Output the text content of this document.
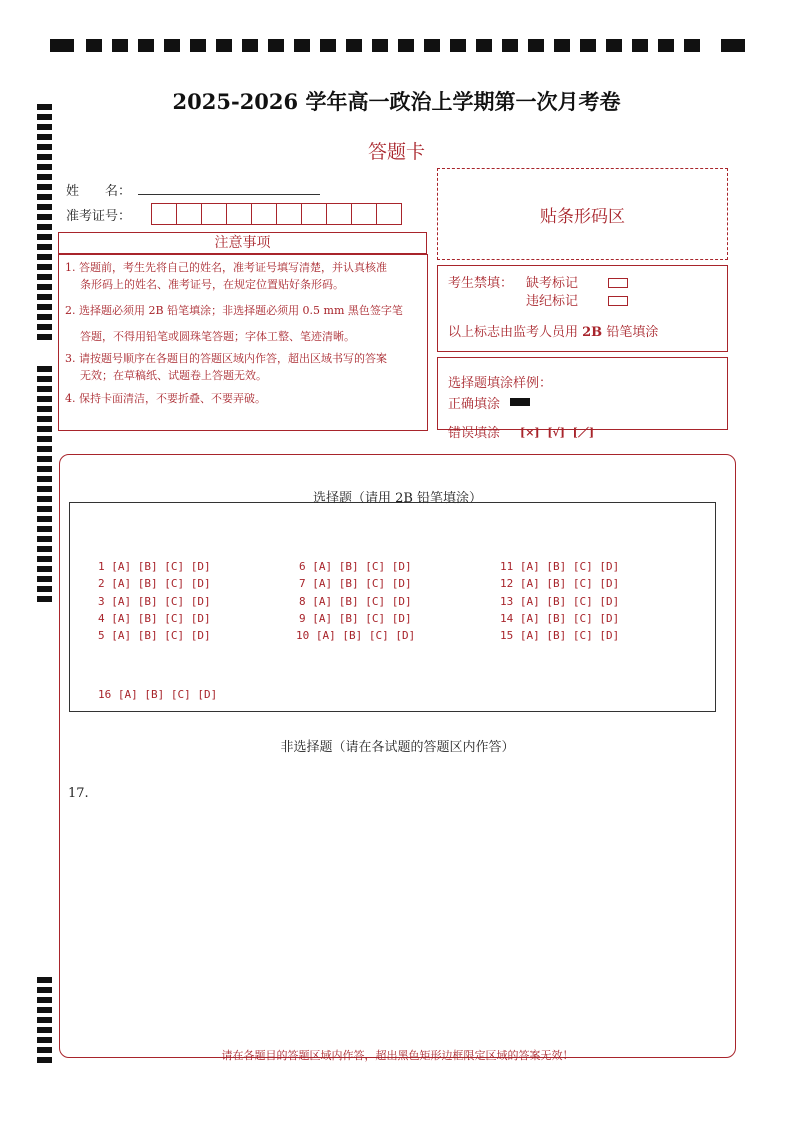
2025-2026 学年高一政治上学期第一次月考卷
答题卡
姓　　名：
准考证号：	贴条形码区
注意事项
1. 答题前，考生先将自己的姓名，准考证号填写清楚，并认真核准
条形码上的姓名、准考证号，在规定位置贴好条形码。
2. 选择题必须用 2B 铅笔填涂；非选择题必须用 0.5 mm 黑色签字笔
答题，不得用铅笔或圆珠笔答题；字体工整、笔迹清晰。
3. 请按题号顺序在各题目的答题区域内作答，超出区域书写的答案
无效；在草稿纸、试题卷上答题无效。
4. 保持卡面清洁，不要折叠、不要弄破。
考生禁填： 缺考标记
违纪标记
以上标志由监考人员用 2B 铅笔填涂
选择题填涂样例：
正确填涂
错误填涂 [×] [√] [／]
选择题（请用 2B 铅笔填涂）
1 [A] [B] [C] [D]
2 [A] [B] [C] [D]
3 [A] [B] [C] [D]
4 [A] [B] [C] [D]
5 [A] [B] [C] [D]
6 [A] [B] [C] [D]
7 [A] [B] [C] [D]
8 [A] [B] [C] [D]
9 [A] [B] [C] [D]
10 [A] [B] [C] [D]
11 [A] [B] [C] [D]
12 [A] [B] [C] [D]
13 [A] [B] [C] [D]
14 [A] [B] [C] [D]
15 [A] [B] [C] [D]
16 [A] [B] [C] [D]
非选择题（请在各试题的答题区内作答）
17.
请在各题目的答题区域内作答，超出黑色矩形边框限定区域的答案无效！
